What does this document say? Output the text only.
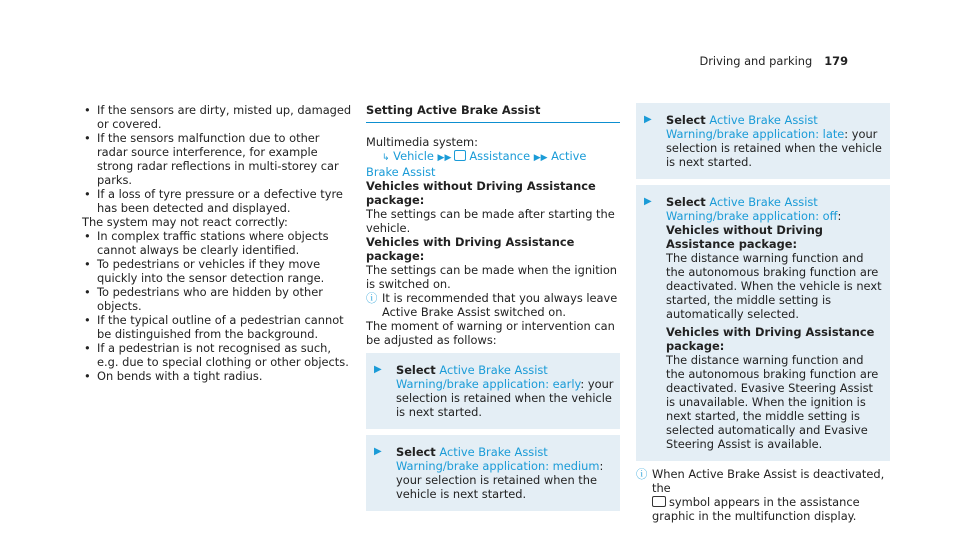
Driving and parking 179

• If the sensors are dirty, misted up, damaged or covered.

• If the sensors malfunction due to other radar source interference, for example strong radar reflections in multi-storey car parks.

• If a loss of tyre pressure or a defective tyre has been detected and displayed.

The system may not react correctly:

• In complex traffic stations where objects cannot always be clearly identified.

• To pedestrians or vehicles if they move quickly into the sensor detection range.

• To pedestrians who are hidden by other objects.

• If the typical outline of a pedestrian cannot be distinguished from the background.

• If a pedestrian is not recognised as such, e.g. due to special clothing or other objects.

• On bends with a tight radius.

Setting Active Brake Assist

Multimedia system:

↳ Vehicle ▶▶ Assistance ▶▶ Active

Brake Assist

Vehicles without Driving Assistance package:

The settings can be made after starting the vehicle.

Vehicles with Driving Assistance package:

The settings can be made when the ignition is switched on.

ⓘ It is recommended that you always leave Active Brake Assist switched on.

The moment of warning or intervention can be adjusted as follows:

▶ Select Active Brake Assist Warning/brake application: early: your selection is retained when the vehicle is next started.
▶ Select Active Brake Assist Warning/brake application: medium: your selection is retained when the vehicle is next started.
▶ Select Active Brake Assist Warning/brake application: late: your selection is retained when the vehicle is next started.
▶ Select Active Brake Assist Warning/brake application: off:

Vehicles without Driving Assistance package:

The distance warning function and the autonomous braking function are deactivated. When the vehicle is next started, the middle setting is automatically selected.

Vehicles with Driving Assistance package:

The distance warning function and the autonomous braking function are deactivated. Evasive Steering Assist is unavailable. When the ignition is next started, the middle setting is selected automatically and Evasive Steering Assist is available.

ⓘ When Active Brake Assist is deactivated, the
symbol appears in the assistance graphic in the multifunction display.
